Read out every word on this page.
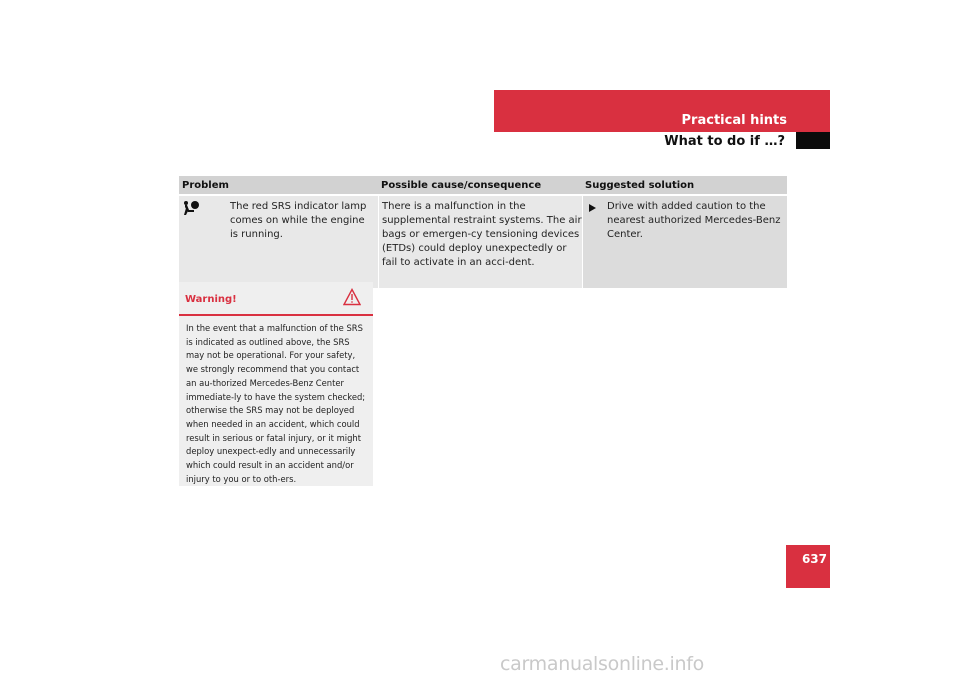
Practical hints
What to do if …?
Problem	Possible cause/consequence	Suggested solution
The red SRS indicator lamp comes on while the engine is running.
There is a malfunction in the supplemental restraint systems. The air bags or emergen-cy tensioning devices (ETDs) could deploy unexpectedly or fail to activate in an acci-dent.
Drive with added caution to the nearest authorized Mercedes-Benz Center.
Warning!
In the event that a malfunction of the SRS is indicated as outlined above, the SRS may not be operational. For your safety, we strongly recommend that you contact an au-thorized Mercedes-Benz Center immediate-ly to have the system checked; otherwise the SRS may not be deployed when needed in an accident, which could result in serious or fatal injury, or it might deploy unexpect-edly and unnecessarily which could result in an accident and/or injury to you or to oth-ers.
637
carmanualsonline.info
